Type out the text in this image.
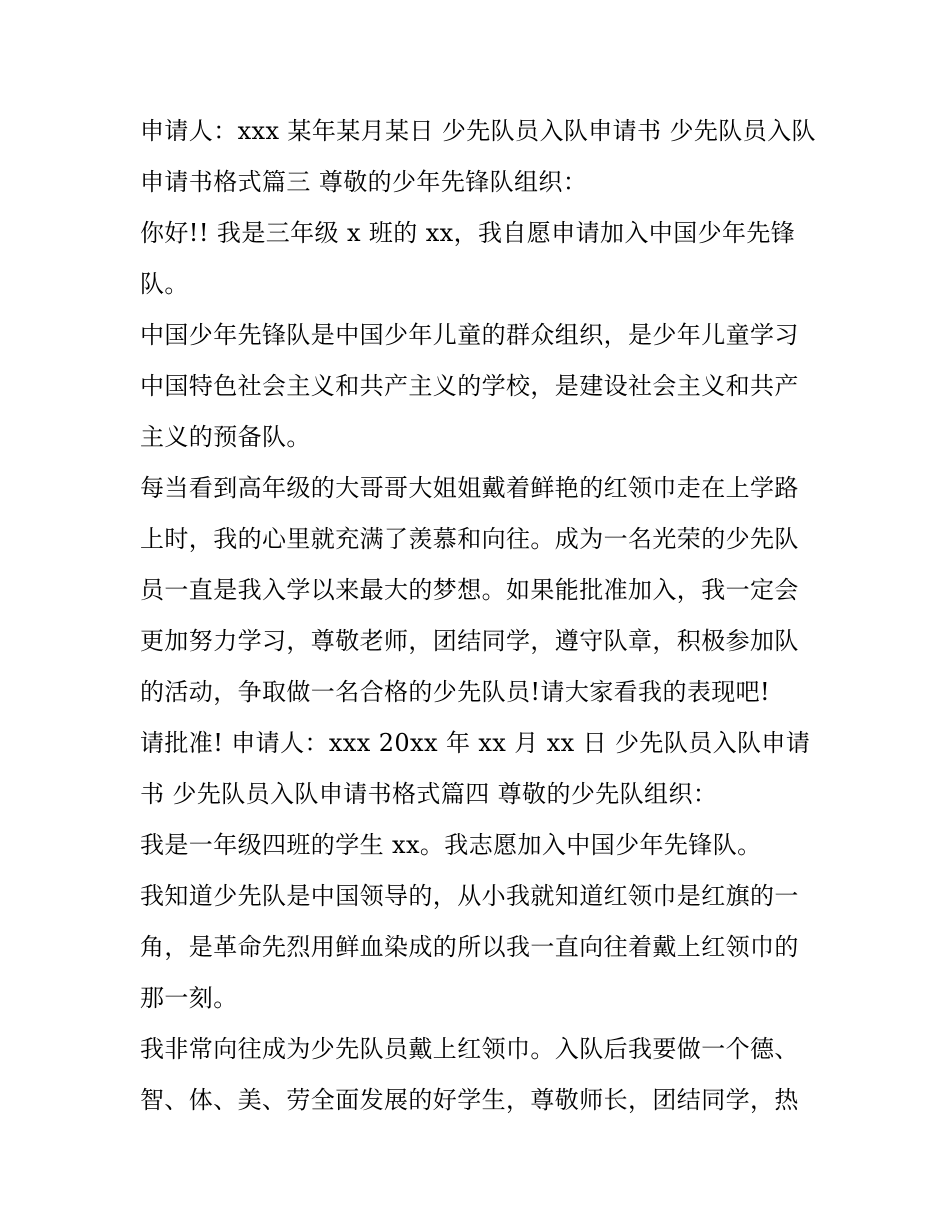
申请人：xxx 某年某月某日 少先队员入队申请书 少先队员入队申请书格式篇三 尊敬的少年先锋队组织：

你好!! 我是三年级 x 班的 xx，我自愿申请加入中国少年先锋队。

中国少年先锋队是中国少年儿童的群众组织，是少年儿童学习中国特色社会主义和共产主义的学校，是建设社会主义和共产主义的预备队。

每当看到高年级的大哥哥大姐姐戴着鲜艳的红领巾走在上学路上时，我的心里就充满了羡慕和向往。成为一名光荣的少先队员一直是我入学以来最大的梦想。如果能批准加入，我一定会更加努力学习，尊敬老师，团结同学，遵守队章，积极参加队的活动，争取做一名合格的少先队员!请大家看我的表现吧!

请批准! 申请人：xxx 20xx 年 xx 月 xx 日 少先队员入队申请书 少先队员入队申请书格式篇四 尊敬的少先队组织：

我是一年级四班的学生 xx。我志愿加入中国少年先锋队。

我知道少先队是中国领导的，从小我就知道红领巾是红旗的一角，是革命先烈用鲜血染成的所以我一直向往着戴上红领巾的那一刻。

我非常向往成为少先队员戴上红领巾。入队后我要做一个德、智、体、美、劳全面发展的好学生，尊敬师长，团结同学，热
